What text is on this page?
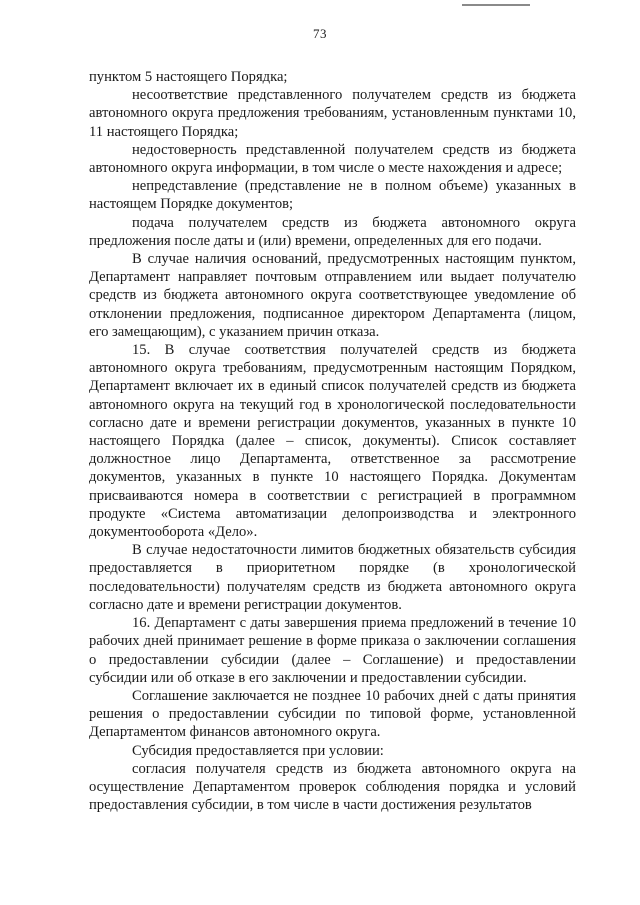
73

пунктом 5 настоящего Порядка;

несоответствие представленного получателем средств из бюджета автономного округа предложения требованиям, установленным пунктами 10, 11 настоящего Порядка;

недостоверность представленной получателем средств из бюджета автономного округа информации, в том числе о месте нахождения и адресе;

непредставление (представление не в полном объеме) указанных в настоящем Порядке документов;

подача получателем средств из бюджета автономного округа предложения после даты и (или) времени, определенных для его подачи.

В случае наличия оснований, предусмотренных настоящим пунктом, Департамент направляет почтовым отправлением или выдает получателю средств из бюджета автономного округа соответствующее уведомление об отклонении предложения, подписанное директором Департамента (лицом, его замещающим), с указанием причин отказа.

15. В случае соответствия получателей средств из бюджета автономного округа требованиям, предусмотренным настоящим Порядком, Департамент включает их в единый список получателей средств из бюджета автономного округа на текущий год в хронологической последовательности согласно дате и времени регистрации документов, указанных в пункте 10 настоящего Порядка (далее – список, документы). Список составляет должностное лицо Департамента, ответственное за рассмотрение документов, указанных в пункте 10 настоящего Порядка. Документам присваиваются номера в соответствии с регистрацией в программном продукте «Система автоматизации делопроизводства и электронного документооборота «Дело».

В случае недостаточности лимитов бюджетных обязательств субсидия предоставляется в приоритетном порядке (в хронологической последовательности) получателям средств из бюджета автономного округа согласно дате и времени регистрации документов.

16. Департамент с даты завершения приема предложений в течение 10 рабочих дней принимает решение в форме приказа о заключении соглашения о предоставлении субсидии (далее – Соглашение) и предоставлении субсидии или об отказе в его заключении и предоставлении субсидии.

Соглашение заключается не позднее 10 рабочих дней с даты принятия решения о предоставлении субсидии по типовой форме, установленной Департаментом финансов автономного округа.

Субсидия предоставляется при условии:

согласия получателя средств из бюджета автономного округа на осуществление Департаментом проверок соблюдения порядка и условий предоставления субсидии, в том числе в части достижения результатов
